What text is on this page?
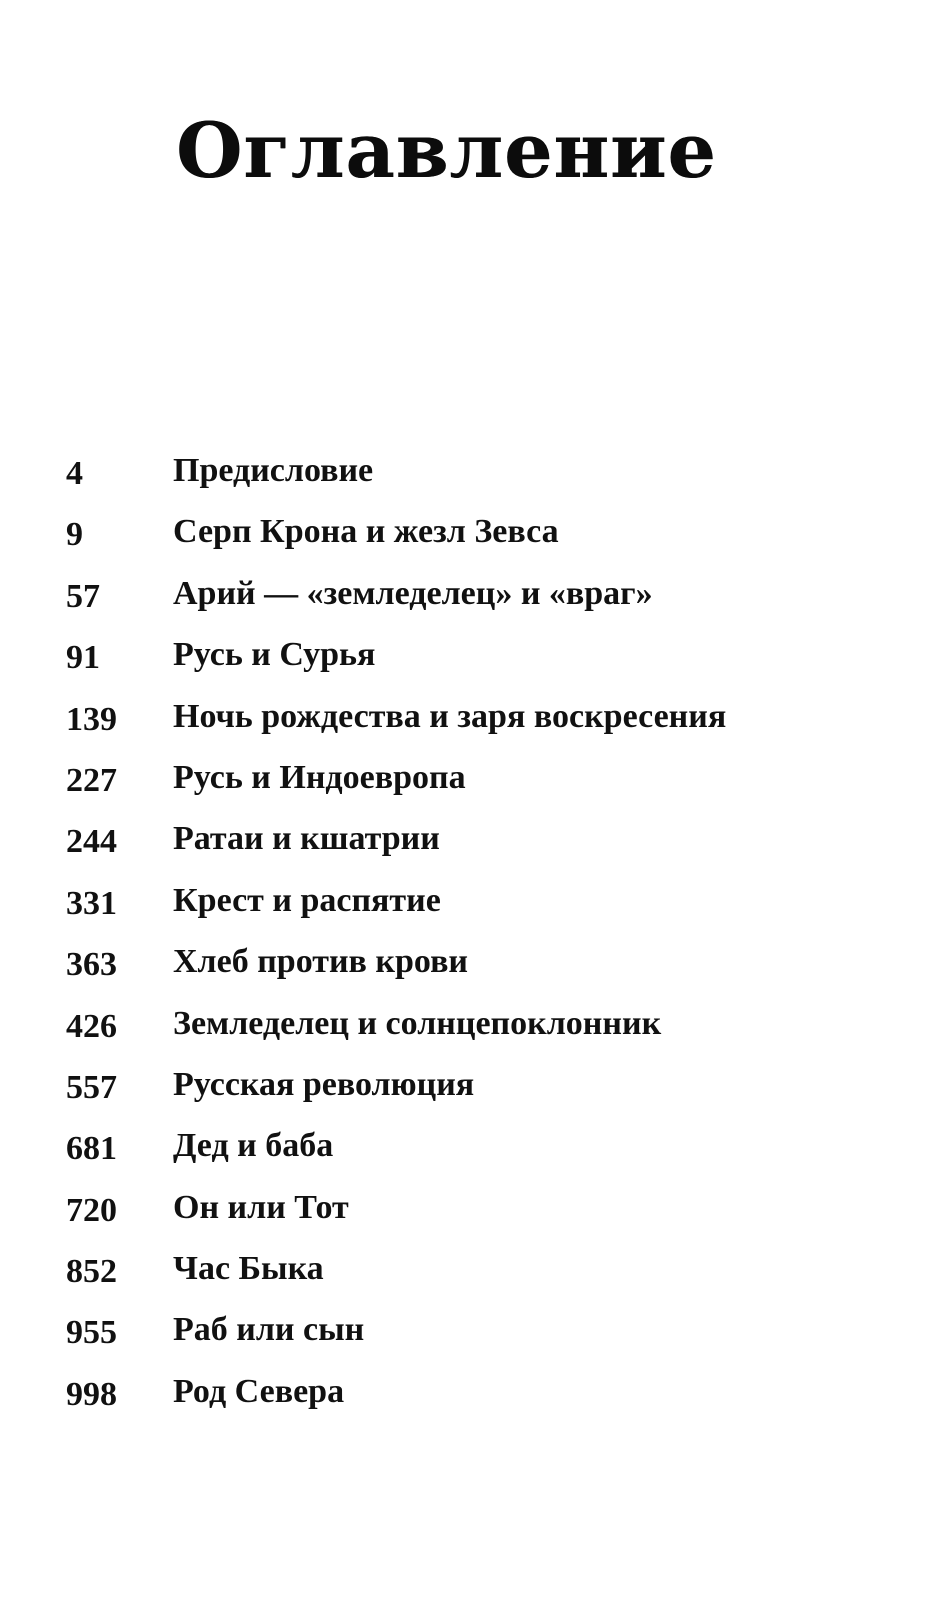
Оглавление
4	Предисловие
9	Серп Крона и жезл Зевса
57 Арий — «земледелец» и «враг»
91 Русь и Сурья
139 Ночь рождества и заря воскресения
227 Русь и Индоевропа
244 Ратаи и кшатрии
331 Крест и распятие
363 Хлеб против крови
426 Земледелец и солнцепоклонник
557 Русская революция
681 Дед и баба
720 Он или Тот
852 Час Быка
955 Раб или сын
998 Род Севера
